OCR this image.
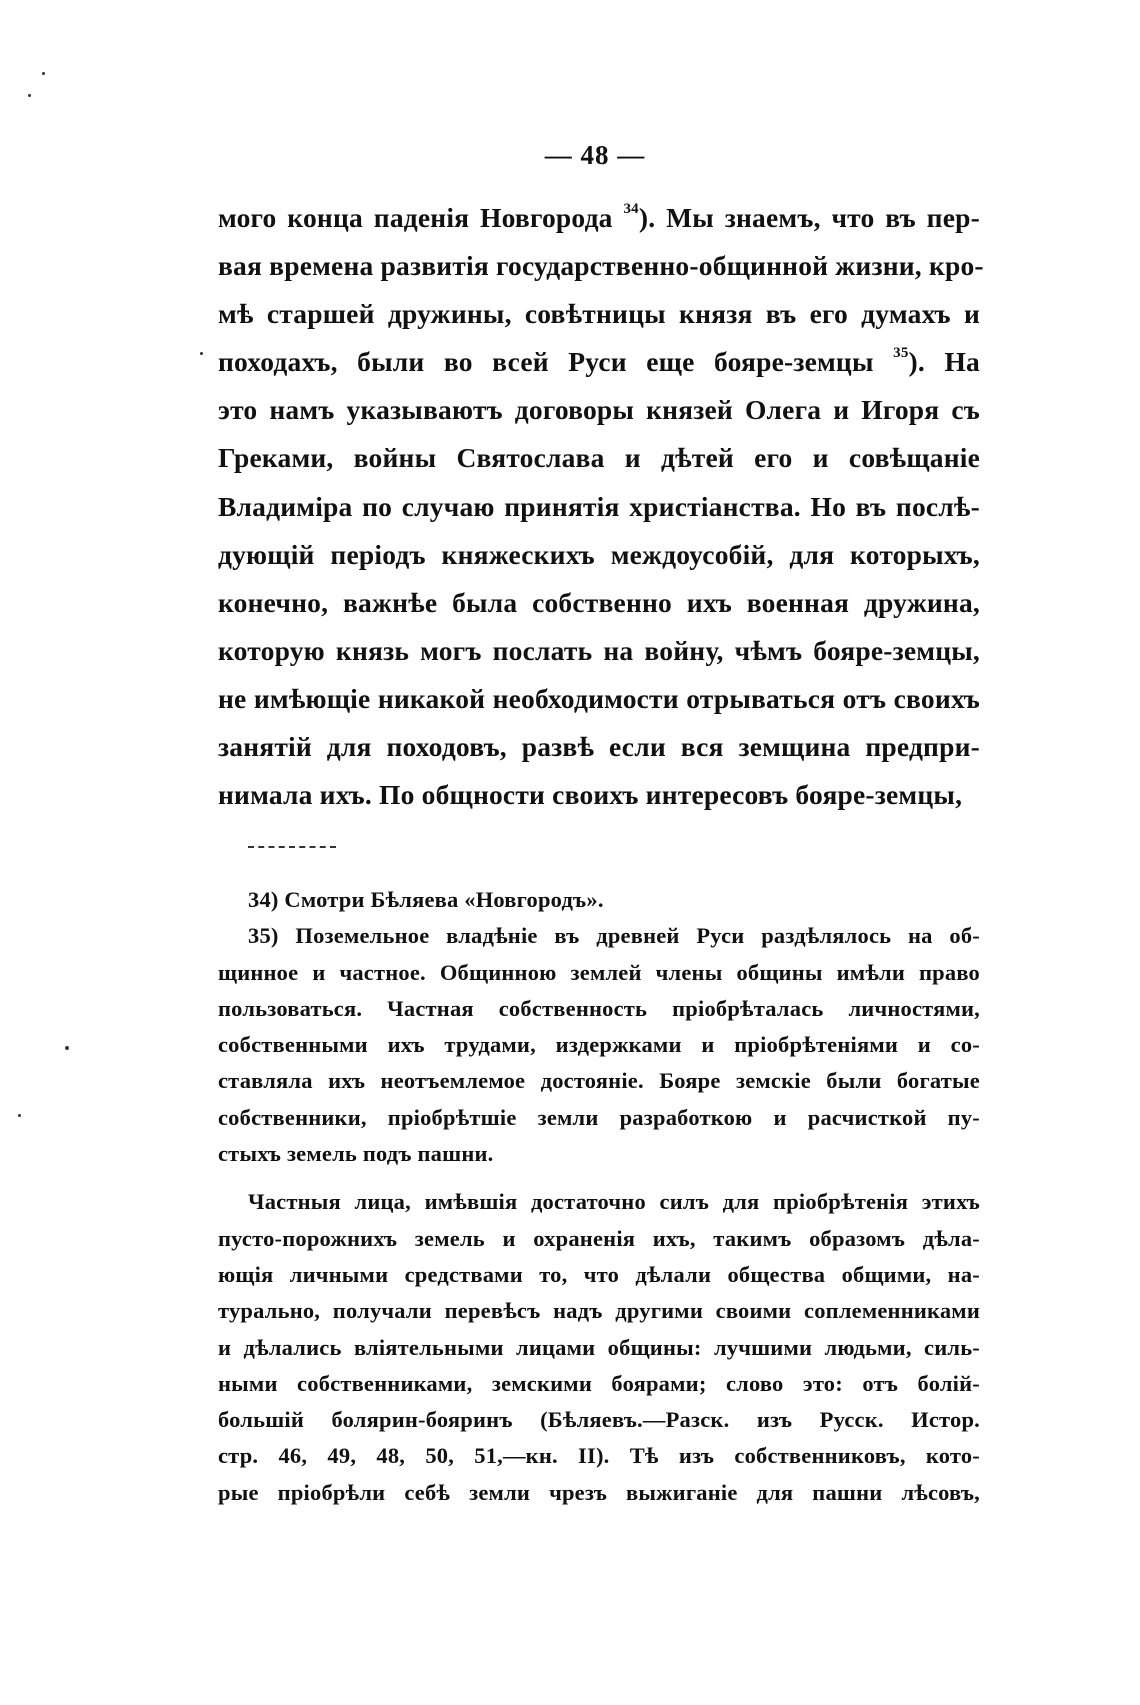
— 48 —
мого конца паденія Новгорода $^{34}$). Мы знаемъ, что въ пер-
вая времена развитія государственно-общинной жизни, кро-
мѣ старшей дружины, совѣтницы князя въ его думахъ и
походахъ, были во всей Руси еще бояре-земцы $^{35}$). На
это намъ указываютъ договоры князей Олега и Игоря съ
Греками, войны Святослава и дѣтей его и совѣщаніе
Владиміра по случаю принятія христіанства. Но въ послѣ-
дующій періодъ княжескихъ междоусобій, для которыхъ,
конечно, важнѣе была собственно ихъ военная дружина,
которую князь могъ послать на войну, чѣмъ бояре-земцы,
не имѣющіе никакой необходимости отрываться отъ своихъ
занятій для походовъ, развѣ если вся земщина предпри-
нимала ихъ. По общности своихъ интересовъ бояре-земцы,
34) Смотри Бѣляева «Новгородъ».
35) Поземельное владѣніе въ древней Руси раздѣлялось на об-
щинное и частное. Общинною землей члены общины имѣли право
пользоваться. Частная собственность пріобрѣталась личностями,
собственными ихъ трудами, издержками и пріобрѣтеніями и со-
ставляла ихъ неотъемлемое достояніе. Бояре земскіе были богатые
собственники, пріобрѣтшіе земли разработкою и расчисткой пу-
стыхъ земель подъ пашни.
Частныя лица, имѣвшія достаточно силъ для пріобрѣтенія этихъ
пусто-порожнихъ земель и охраненія ихъ, такимъ образомъ дѣла-
ющія личными средствами то, что дѣлали общества общими, на-
турально, получали перевѣсъ надъ другими своими соплеменниками
и дѣлались вліятельными лицами общины: лучшими людьми, силь-
ными собственниками, земскими боярами; слово это: отъ болій-
большій болярин-бояринъ (Бѣляевъ.—Разск. изъ Русск. Истор.
стр. 46, 49, 48, 50, 51,—кн. II). Тѣ изъ собственниковъ, кото-
рые пріобрѣли себѣ земли чрезъ выжиганіе для пашни лѣсовъ,
